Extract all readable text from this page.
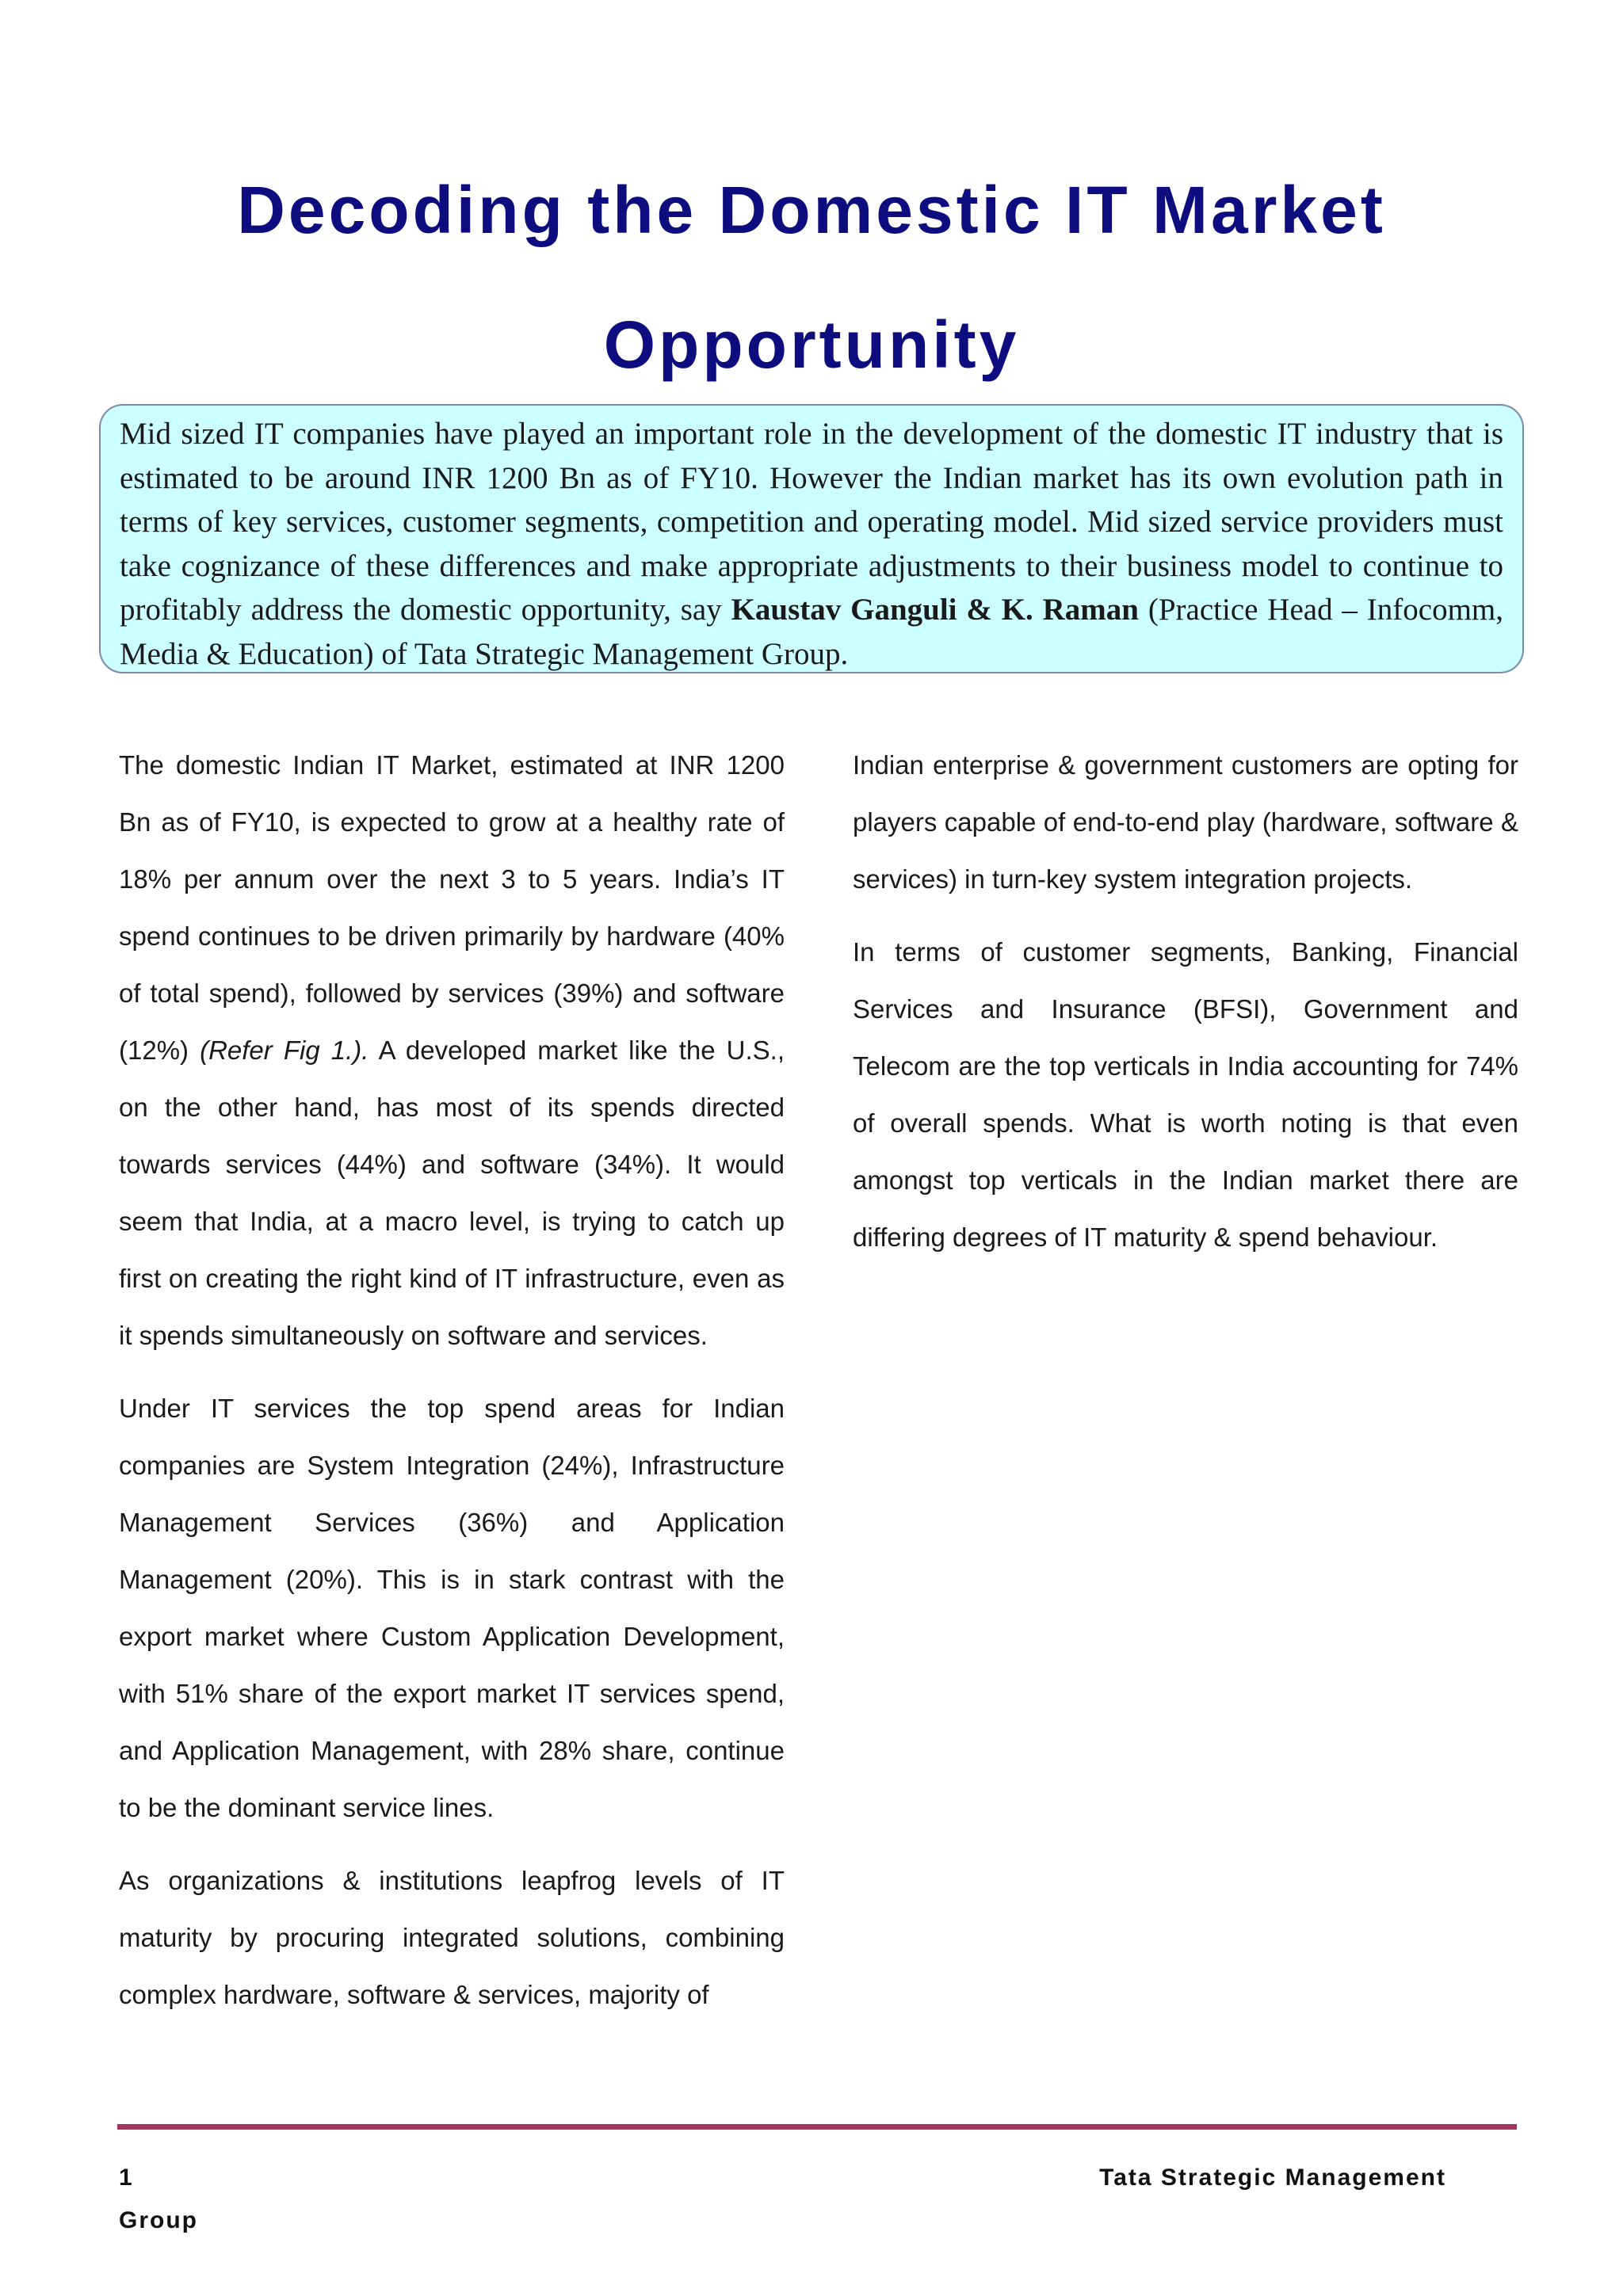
Decoding the Domestic IT Market
Opportunity
Mid sized IT companies have played an important role in the development of the domestic IT industry that is estimated to be around INR 1200 Bn as of FY10. However the Indian market has its own evolution path in terms of key services, customer segments, competition and operating model. Mid sized service providers must take cognizance of these differences and make appropriate adjustments to their business model to continue to profitably address the domestic opportunity, say Kaustav Ganguli & K. Raman (Practice Head – Infocomm, Media & Education) of Tata Strategic Management Group.

The domestic Indian IT Market, estimated at INR 1200 Bn as of FY10, is expected to grow at a healthy rate of 18% per annum over the next 3 to 5 years. India’s IT spend continues to be driven primarily by hardware (40% of total spend), followed by services (39%) and software (12%) (Refer Fig 1.). A developed market like the U.S., on the other hand, has most of its spends directed towards services (44%) and software (34%). It would seem that India, at a macro level, is trying to catch up first on creating the right kind of IT infrastructure, even as it spends simultaneously on software and services.

Under IT services the top spend areas for Indian companies are System Integration (24%), Infrastructure Management Services (36%) and Application Management (20%). This is in stark contrast with the export market where Custom Application Development, with 51% share of the export market IT services spend, and Application Management, with 28% share, continue to be the dominant service lines.

As organizations & institutions leapfrog levels of IT maturity by procuring integrated solutions, combining complex hardware, software & services, majority of

Indian enterprise & government customers are opting for players capable of end-to-end play (hardware, software & services) in turn-key system integration projects.

In terms of customer segments, Banking, Financial Services and Insurance (BFSI), Government and Telecom are the top verticals in India accounting for 74% of overall spends. What is worth noting is that even amongst top verticals in the Indian market there are differing degrees of IT maturity & spend behaviour.

1	Tata Strategic Management
Group
